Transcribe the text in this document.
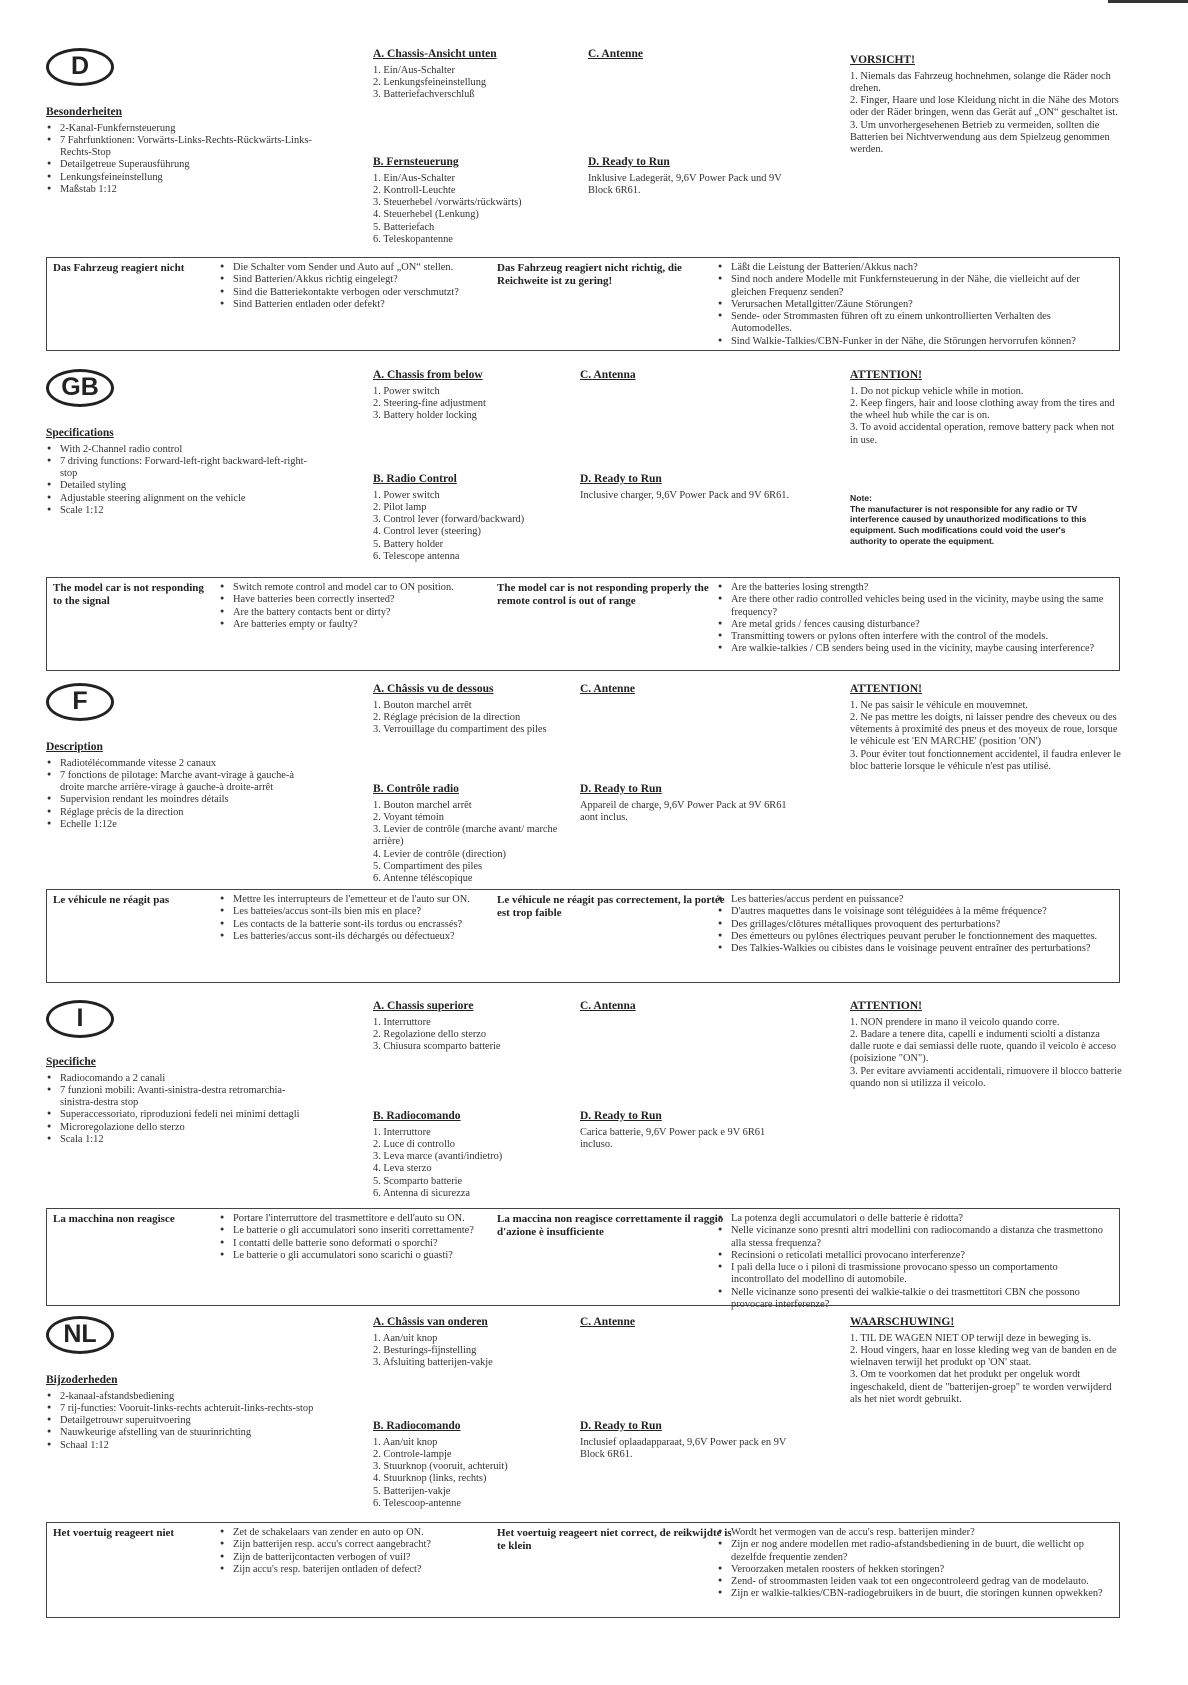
D
Besonderheiten
● 2-Kanal-Funkfernsteuerung
● 7 Fahrfunktionen: Vorwärts-Links-Rechts-Rückwärts-Links-Rechts-Stop
● Detailgetreue Superausführung
● Lenkungsfeineinstellung
● Maßstab 1:12
A. Chassis-Ansicht unten
1. Ein/Aus-Schalter
2. Lenkungsfeineinstellung
3. Batteriefachverschluß
B. Fernsteuerung
1. Ein/Aus-Schalter
2. Kontroll-Leuchte
3. Steuerhebel /vorwärts/rückwärts)
4. Steuerhebel (Lenkung)
5. Batteriefach
6. Teleskopantenne
C. Antenne
D. Ready to Run
Inklusive Ladegerät, 9,6V Power Pack und 9V Block 6R61.
VORSICHT!
1. Niemals das Fahrzeug hochnehmen, solange die Räder noch drehen.
2. Finger, Haare und lose Kleidung nicht in die Nähe des Motors oder der Räder bringen, wenn das Gerät auf „ON“ geschaltet ist.
3. Um unvorhergesehenen Betrieb zu vermeiden, sollten die Batterien bei Nichtverwendung aus dem Spielzeug genommen werden.
Das Fahrzeug reagiert nicht	● Die Schalter vom Sender und Auto auf „ON“ stellen.
● Sind Batterien/Akkus richtig eingelegt?
● Sind die Batteriekontakte verbogen oder verschmutzt?
● Sind Batterien entladen oder defekt?
Das Fahrzeug reagiert nicht richtig, die Reichweite ist zu gering!
● Läßt die Leistung der Batterien/Akkus nach?
● Sind noch andere Modelle mit Funkfernsteuerung in der Nähe, die vielleicht auf der gleichen Frequenz senden?
● Verursachen Metallgitter/Zäune Störungen?
● Sende- oder Strommasten führen oft zu einem unkontrollierten Verhalten des Automodelles.
● Sind Walkie-Talkies/CBN-Funker in der Nähe, die Störungen hervorrufen können?
GB
Specifications
● With 2-Channel radio control
● 7 driving functions: Forward-left-right backward-left-right-stop
● Detailed styling
● Adjustable steering alignment on the vehicle
● Scale 1:12
A. Chassis from below
1. Power switch
2. Steering-fine adjustment
3. Battery holder locking
B. Radio Control
1. Power switch
2. Pilot lamp
3. Control lever (forward/backward)
4. Control lever (steering)
5. Battery holder
6. Telescope antenna
C. Antenna
D. Ready to Run
Inclusive charger, 9,6V Power Pack and 9V 6R61.
ATTENTION!
1. Do not pickup vehicle while in motion.
2. Keep fingers, hair and loose clothing away from the tires and the wheel hub while the car is on.
3. To avoid accidental operation, remove battery pack when not in use.
Note:
The manufacturer is not responsible for any radio or TV interference caused by unauthorized modifications to this equipment. Such modifications could void the user's authority to operate the equipment.
The model car is not responding to the signal
● Switch remote control and model car to ON position.
● Have batteries been correctly inserted?
● Are the battery contacts bent or dirty?
● Are batteries empty or faulty?
The model car is not responding properly the remote control is out of range
● Are the batteries losing strength?
● Are there other radio controlled vehicles being used in the vicinity, maybe using the same frequency?
● Are metal grids / fences causing disturbance?
● Transmitting towers or pylons often interfere with the control of the models.
● Are walkie-talkies / CB senders being used in the vicinity, maybe causing interference?
F
Description
● Radiotélécommande vitesse 2 canaux
● 7 fonctions de pilotage: Marche avant-virage à gauche-à droite marche arrière-virage à gauche-à droite-arrêt
● Supervision rendant les moindres détails
● Réglage précis de la direction
● Echelle 1:12e
A. Châssis vu de dessous
1. Bouton marchel arrêt
2. Réglage précision de la direction
3. Verrouillage du compartiment des piles
B. Contrôle radio
1. Bouton marchel arrêt
2. Voyant témoin
3. Levier de contrôle (marche avant/ marche arrière)
4. Levier de contrôle (direction)
5. Compartiment des piles
6. Antenne téléscopique
C. Antenne
D. Ready to Run
Appareil de charge, 9,6V Power Pack at 9V 6R61 aont inclus.
ATTENTION!
1. Ne pas saisir le véhicule en mouvemnet.
2. Ne pas mettre les doigts, ni laisser pendre des cheveux ou des vêtements à proximité des pneus et des moyeux de roue, lorsque le véhicule est 'EN MARCHE' (position 'ON')
3. Pour éviter tout fonctionnement accidentel, il faudra enlever le bloc batterie lorsque le véhicule n'est pas utilisé.
Le véhicule ne réagit pas	● Mettre les interrupteurs de l'emetteur et de l'auto sur ON.
● Les batteies/accus sont-ils bien mis en place?
● Les contacts de la batterie sont-ils tordus ou encrassés?
● Les batteries/accus sont-ils déchargés ou défectueux?
Le véhicule ne réagit pas correctement, la portée est trop faible
● Les batteries/accus perdent en puissance?
● D'autres maquettes dans le voisinage sont téléguidées à la même fréquence?
● Des grillages/clôtures métalliques provoquent des perturbations?
● Des émetteurs ou pylônes électriques peuvant peruber le fonctionnement des maquettes.
● Des Talkies-Walkies ou cibistes dans le voisinage peuvent entraîner des perturbations?
I
Specifiche
● Radiocomando a 2 canali
● 7 funzioni mobili: Avanti-sinistra-destra retromarchia-sinistra-destra stop
● Superaccessoriato, riproduzioni fedeli nei minimi dettagli
● Microregolazione dello sterzo
● Scala 1:12
A. Chassis superiore
1. Interruttore
2. Regolazione dello sterzo
3. Chiusura scomparto batterie
B. Radiocomando
1. Interruttore
2. Luce di controllo
3. Leva marce (avanti/indietro)
4. Leva sterzo
5. Scomparto batterie
6. Antenna di sicurezza
C. Antenna
D. Ready to Run
Carica batterie, 9,6V Power pack e 9V 6R61 incluso.
ATTENTION!
1. NON prendere in mano il veicolo quando corre.
2. Badare a tenere dita, capelli e indumenti sciolti a distanza dalle ruote e dai semiassi delle ruote, quando il veicolo è acceso (poisizione "ON").
3. Per evitare avviamenti accidentali, rimuovere il blocco batterie quando non si utilizza il veicolo.
La macchina non reagisce	● Portare l'interruttore del trasmettitore e dell'auto su ON.
● Le batterie o gli accumulatori sono inseriti correttamente?
● I contatti delle batterie sono deformati o sporchi?
● Le batterie o gli accumulatori sono scarichi o guasti?
La maccina non reagisce correttamente il raggio d'azione è insufficiente
● La potenza degli accumulatori o delle batterie è ridotta?
● Nelle vicinanze sono presnti altri modellini con radiocomando a distanza che trasmettono alla stessa frequenza?
● Recinsioni o reticolati metallici provocano interferenze?
● I pali della luce o i piloni di trasmissione provocano spesso un comportamento incontrollato del modellino di automobile.
● Nelle vicinanze sono presenti dei walkie-talkie o dei trasmettitori CBN che possono provocare interferenze?
NL
Bijzoderheden
● 2-kanaal-afstandsbediening
● 7 rij-functies: Vooruit-links-rechts achteruit-links-rechts-stop
● Detailgetrouwr superuitvoering
● Nauwkeurige afstelling van de stuurinrichting
● Schaal 1:12
A. Châssis van onderen
1. Aan/uit knop
2. Besturings-fijnstelling
3. Afsluiting batterijen-vakje
B. Radiocomando
1. Aan/uit knop
2. Controle-lampje
3. Stuurknop (vooruit, achteruit)
4. Stuurknop (links, rechts)
5. Batterijen-vakje
6. Telescoop-antenne
C. Antenne
D. Ready to Run
Inclusief oplaadapparaat, 9,6V Power pack en 9V Block 6R61.
WAARSCHUWING!
1. TIL DE WAGEN NIET OP terwijl deze in beweging is.
2. Houd vingers, haar en losse kleding weg van de banden en de wielnaven terwijl het produkt op 'ON' staat.
3. Om te voorkomen dat het produkt per ongeluk wordt ingeschakeld, dient de "batterijen-groep" te worden verwijderd als het niet wordt gebruikt.
Het voertuig reageert niet	● Zet de schakelaars van zender en auto op ON.
● Zijn batterijen resp. accu's correct aangebracht?
● Zijn de batterijcontacten verbogen of vuil?
● Zijn accu's resp. baterijen ontladen of defect?
Het voertuig reageert niet correct, de reikwijdte is te klein
● Wordt het vermogen van de accu's resp. batterijen minder?
● Zijn er nog andere modellen met radio-afstandsbediening in de buurt, die wellicht op dezelfde frequentie zenden?
● Veroorzaken metalen roosters of hekken storingen?
● Zend- of stroommasten leiden vaak tot een ongecontroleerd gedrag van de modelauto.
● Zijn er walkie-talkies/CBN-radiogebruikers in de buurt, die storingen kunnen opwekken?
